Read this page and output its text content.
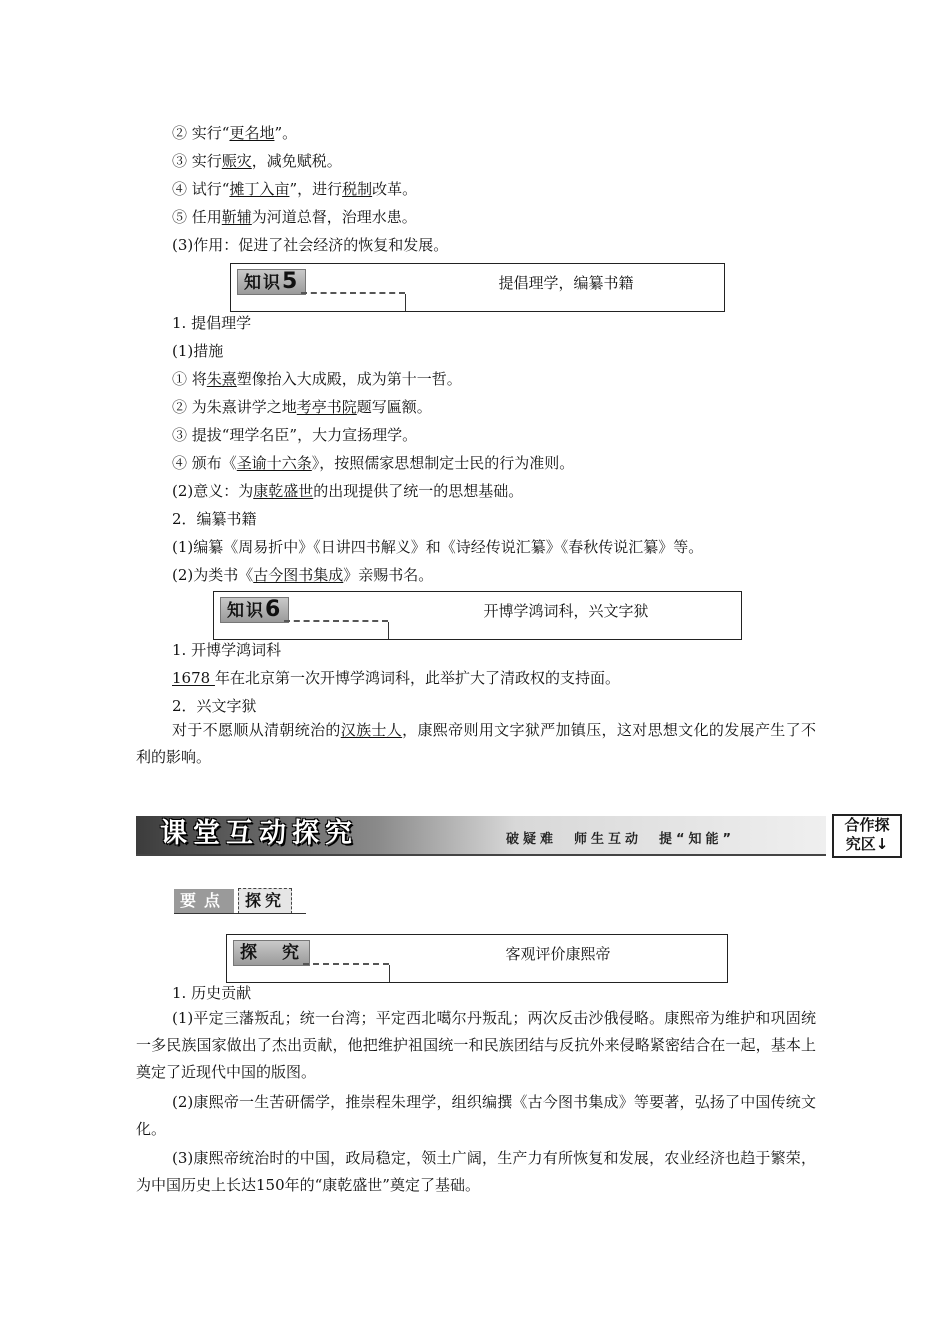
② 实行“更名地”。
③ 实行赈灾，减免赋税。
④ 试行“摊丁入亩”，进行税制改革。
⑤ 任用靳辅为河道总督，治理水患。
(3)作用：促进了社会经济的恢复和发展。
知识5	提倡理学，编纂书籍
1. 提倡理学
(1)措施
① 将朱熹塑像抬入大成殿，成为第十一哲。
② 为朱熹讲学之地考亭书院题写匾额。
③ 提拔“理学名臣”，大力宣扬理学。
④ 颁布《圣谕十六条》，按照儒家思想制定士民的行为准则。
(2)意义：为康乾盛世的出现提供了统一的思想基础。
2．编纂书籍
(1)编纂《周易折中》《日讲四书解义》和《诗经传说汇纂》《春秋传说汇纂》等。
(2)为类书《古今图书集成》亲赐书名。
知识6	开博学鸿词科，兴文字狱
1. 开博学鸿词科
1678 年在北京第一次开博学鸿词科，此举扩大了清政权的支持面。
2．兴文字狱
对于不愿顺从清朝统治的汉族士人，康熙帝则用文字狱严加镇压，这对思想文化的发展产生了不利的影响。
课堂互动探究	破疑难　师生互动　提“知能”
合作探
究区↓
要点 探究
探　究	客观评价康熙帝
1. 历史贡献
(1)平定三藩叛乱；统一台湾；平定西北噶尔丹叛乱；两次反击沙俄侵略。康熙帝为维护和巩固统一多民族国家做出了杰出贡献，他把维护祖国统一和民族团结与反抗外来侵略紧密结合在一起，基本上奠定了近现代中国的版图。
(2)康熙帝一生苦研儒学，推崇程朱理学，组织编撰《古今图书集成》等要著，弘扬了中国传统文化。
(3)康熙帝统治时的中国，政局稳定，领土广阔，生产力有所恢复和发展，农业经济也趋于繁荣，为中国历史上长达150年的“康乾盛世”奠定了基础。
